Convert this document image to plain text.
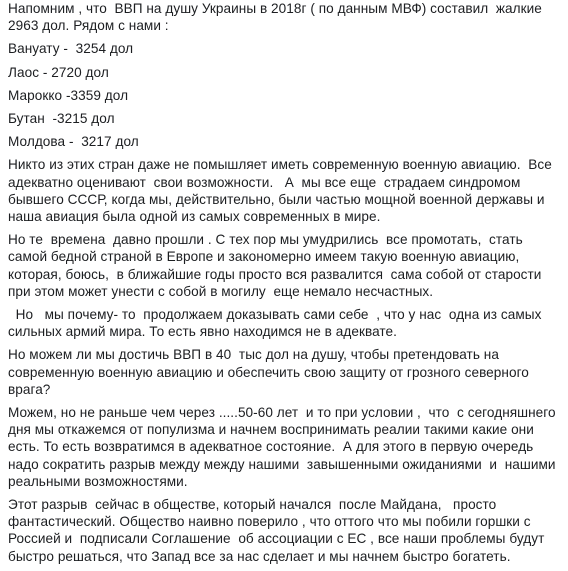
Напомним , что  ВВП на душу Украины в 2018г ( по данным МВФ) составил  жалкие 2963 дол. Рядом с нами :
Вануату -  3254 дол
Лаос - 2720 дол
Марокко -3359 дол
Бутан  -3215 дол
Молдова -  3217 дол
Никто из этих стран даже не помышляет иметь современную военную авиацию.  Все адекватно оценивают  свои возможности.   А  мы все еще  страдаем синдромом бывшего СССР, когда мы, действительно, были частью мощной военной державы и наша авиация была одной из самых современных в мире.
Но те  времена  давно прошли . С тех пор мы умудрились  все промотать,  стать  самой бедной страной в Европе и закономерно имеем такую военную авиацию, которая, боюсь,  в ближайшие годы просто вся развалится  сама собой от старости  при этом может унести с собой в могилу  еще немало несчастных.
Но   мы почему- то  продолжаем доказывать сами себе  , что у нас  одна из самых сильных армий мира. То есть явно находимся не в адеквате.
Но можем ли мы достичь ВВП в 40  тыс дол на душу, чтобы претендовать на современную военную авиацию и обеспечить свою защиту от грозного северного врага?
Можем, но не раньше чем через .....50-60 лет  и то при условии ,  что  с сегодняшнего дня мы откажемся от популизма и начнем воспринимать реалии такими какие они есть. То есть возвратимся в адекватное состояние.  А для этого в первую очередь надо сократить разрыв между между нашими  завышенными ожиданиями  и  нашими реальными возможностями.
Этот разрыв  сейчас в обществе, который начался  после Майдана,   просто фантастический. Общество наивно поверило , что оттого что мы побили горшки с Россией и  подписали Соглашение  об ассоциации с ЕС , все наши проблемы будут быстро решаться, что Запад все за нас сделает и мы начнем быстро богатеть.
